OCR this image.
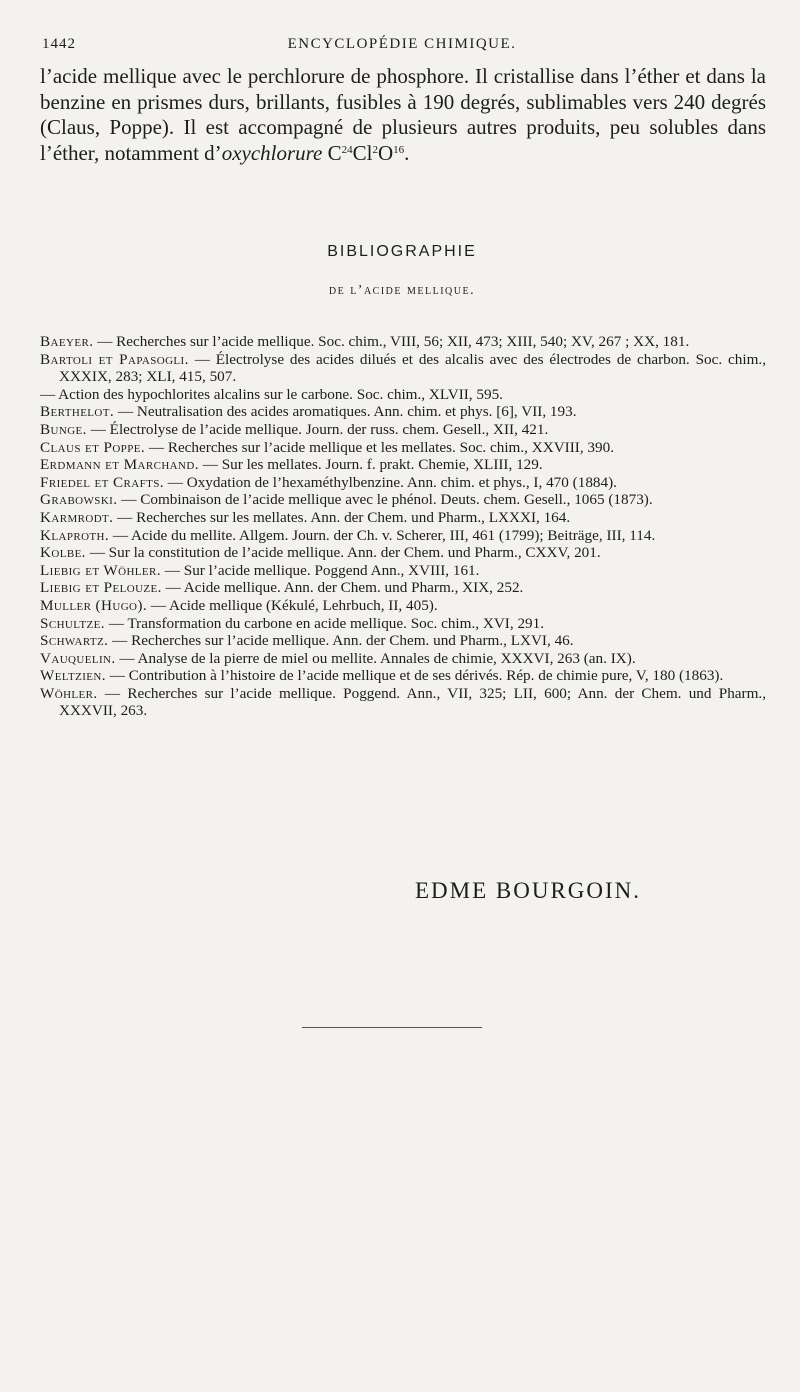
1442	ENCYCLOPÉDIE CHIMIQUE.

l’acide mellique avec le perchlorure de phosphore. Il cristallise dans l’éther et dans la benzine en prismes durs, brillants, fusibles à 190 degrés, sublimables vers 240 degrés (Claus, Poppe). Il est accompagné de plusieurs autres produits, peu solubles dans l’éther, notamment d’oxychlorure $C^{24}Cl^2O^{16}$.

BIBLIOGRAPHIE
de l’acide mellique.
Baeyer. — Recherches sur l’acide mellique. Soc. chim., VIII, 56; XII, 473; XIII, 540; XV, 267 ; XX, 181.
Bartoli et Papasogli. — Électrolyse des acides dilués et des alcalis avec des électrodes de charbon. Soc. chim., XXXIX, 283; XLI, 415, 507.
— Action des hypochlorites alcalins sur le carbone. Soc. chim., XLVII, 595.
Berthelot. — Neutralisation des acides aromatiques. Ann. chim. et phys. [6], VII, 193.
Bunge. — Électrolyse de l’acide mellique. Journ. der russ. chem. Gesell., XII, 421.
Claus et Poppe. — Recherches sur l’acide mellique et les mellates. Soc. chim., XXVIII, 390.
Erdmann et Marchand. — Sur les mellates. Journ. f. prakt. Chemie, XLIII, 129.
Friedel et Crafts. — Oxydation de l’hexaméthylbenzine. Ann. chim. et phys., I, 470 (1884).
Grabowski. — Combinaison de l’acide mellique avec le phénol. Deuts. chem. Gesell., 1065 (1873).
Karmrodt. — Recherches sur les mellates. Ann. der Chem. und Pharm., LXXXI, 164.
Klaproth. — Acide du mellite. Allgem. Journ. der Ch. v. Scherer, III, 461 (1799); Beiträge, III, 114.
Kolbe. — Sur la constitution de l’acide mellique. Ann. der Chem. und Pharm., CXXV, 201.
Liebig et Wöhler. — Sur l’acide mellique. Poggend Ann., XVIII, 161.
Liebig et Pelouze. — Acide mellique. Ann. der Chem. und Pharm., XIX, 252.
Muller (Hugo). — Acide mellique (Kékulé, Lehrbuch, II, 405).
Schultze. — Transformation du carbone en acide mellique. Soc. chim., XVI, 291.
Schwartz. — Recherches sur l’acide mellique. Ann. der Chem. und Pharm., LXVI, 46.
Vauquelin. — Analyse de la pierre de miel ou mellite. Annales de chimie, XXXVI, 263 (an. IX).
Weltzien. — Contribution à l’histoire de l’acide mellique et de ses dérivés. Rép. de chimie pure, V, 180 (1863).
Wöhler. — Recherches sur l’acide mellique. Poggend. Ann., VII, 325; LII, 600; Ann. der Chem. und Pharm., XXXVII, 263.
EDME BOURGOIN.
